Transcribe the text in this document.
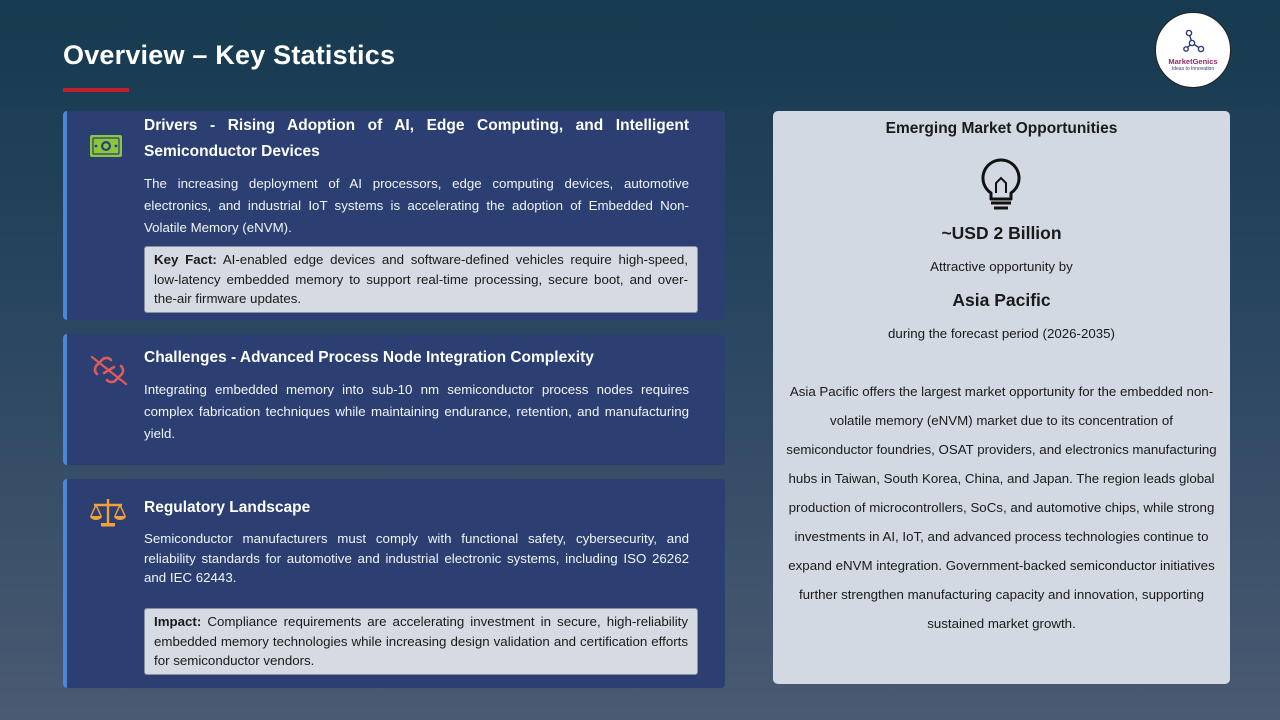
Overview – Key Statistics	MarketGenics
Ideas to Innovation
Drivers - Rising Adoption of AI, Edge Computing, and Intelligent Semiconductor Devices
The increasing deployment of AI processors, edge computing devices, automotive electronics, and industrial IoT systems is accelerating the adoption of Embedded Non-Volatile Memory (eNVM).
Key Fact: AI-enabled edge devices and software-defined vehicles require high-speed, low-latency embedded memory to support real-time processing, secure boot, and over-the-air firmware updates.
Challenges - Advanced Process Node Integration Complexity
Integrating embedded memory into sub-10 nm semiconductor process nodes requires complex fabrication techniques while maintaining endurance, retention, and manufacturing yield.
Regulatory Landscape
Semiconductor manufacturers must comply with functional safety, cybersecurity, and reliability standards for automotive and industrial electronic systems, including ISO 26262 and IEC 62443.
Impact: Compliance requirements are accelerating investment in secure, high-reliability embedded memory technologies while increasing design validation and certification efforts for semiconductor vendors.
Emerging Market Opportunities
~USD 2 Billion
Attractive opportunity by
Asia Pacific
during the forecast period (2026-2035)
Asia Pacific offers the largest market opportunity for the embedded non-volatile memory (eNVM) market due to its concentration of semiconductor foundries, OSAT providers, and electronics manufacturing hubs in Taiwan, South Korea, China, and Japan. The region leads global production of microcontrollers, SoCs, and automotive chips, while strong investments in AI, IoT, and advanced process technologies continue to expand eNVM integration. Government-backed semiconductor initiatives further strengthen manufacturing capacity and innovation, supporting sustained market growth.
